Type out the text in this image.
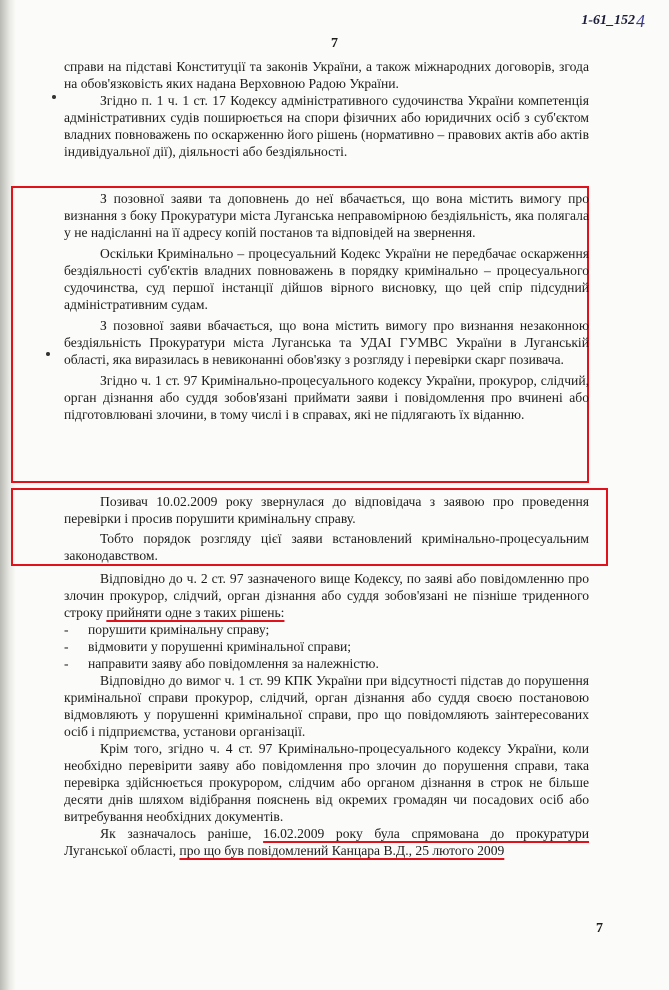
1-61_152 4
7

справи на підставі Конституції та законів України, а також міжнародних договорів, згода на обов'язковість яких надана Верховною Радою України.

Згідно п. 1 ч. 1 ст. 17 Кодексу адміністративного судочинства України компетенція адміністративних судів поширюється на спори фізичних або юридичних осіб з суб'єктом владних повноважень по оскарженню його рішень (нормативно – правових актів або актів індивідуальної дії), діяльності або бездіяльності.

З позовної заяви та доповнень до неї вбачається, що вона містить вимогу про визнання з боку Прокуратури міста Луганська неправомірною бездіяльність, яка полягала у не надісланні на її адресу копій постанов та відповідей на звернення.

Оскільки Кримінально – процесуальний Кодекс України не передбачає оскарження бездіяльності суб'єктів владних повноважень в порядку кримінально – процесуального судочинства, суд першої інстанції дійшов вірного висновку, що цей спір підсудний адміністративним судам.

З позовної заяви вбачається, що вона містить вимогу про визнання незаконною бездіяльність Прокуратури міста Луганська та УДАІ ГУМВС України в Луганській області, яка виразилась в невиконанні обов'язку з розгляду і перевірки скарг позивача.

Згідно ч. 1 ст. 97 Кримінально-процесуального кодексу України, прокурор, слідчий, орган дізнання або суддя зобов'язані приймати заяви і повідомлення про вчинені або підготовлювані злочини, в тому числі і в справах, які не підлягають їх віданню.

Позивач 10.02.2009 року звернулася до відповідача з заявою про проведення перевірки і просив порушити кримінальну справу.

Тобто порядок розгляду цієї заяви встановлений кримінально-процесуальним законодавством.

Відповідно до ч. 2 ст. 97 зазначеного вище Кодексу, по заяві або повідомленню про злочин прокурор, слідчий, орган дізнання або суддя зобов'язані не пізніше триденного строку прийняти одне з таких рішень:

- порушити кримінальну справу;
- відмовити у порушенні кримінальної справи;
- направити заяву або повідомлення за належністю.

Відповідно до вимог ч. 1 ст. 99 КПК України при відсутності підстав до порушення кримінальної справи прокурор, слідчий, орган дізнання або суддя своєю постановою відмовляють у порушенні кримінальної справи, про що повідомляють заінтересованих осіб і підприємства, установи організації.

Крім того, згідно ч. 4 ст. 97 Кримінально-процесуального кодексу України, коли необхідно перевірити заяву або повідомлення про злочин до порушення справи, така перевірка здійснюється прокурором, слідчим або органом дізнання в строк не більше десяти днів шляхом відібрання пояснень від окремих громадян чи посадових осіб або витребування необхідних документів.

Як зазначалось раніше, 16.02.2009 року була спрямована до прокуратури Луганської області, про що був повідомлений Канцара В.Д., 25 лютого 2009

7
